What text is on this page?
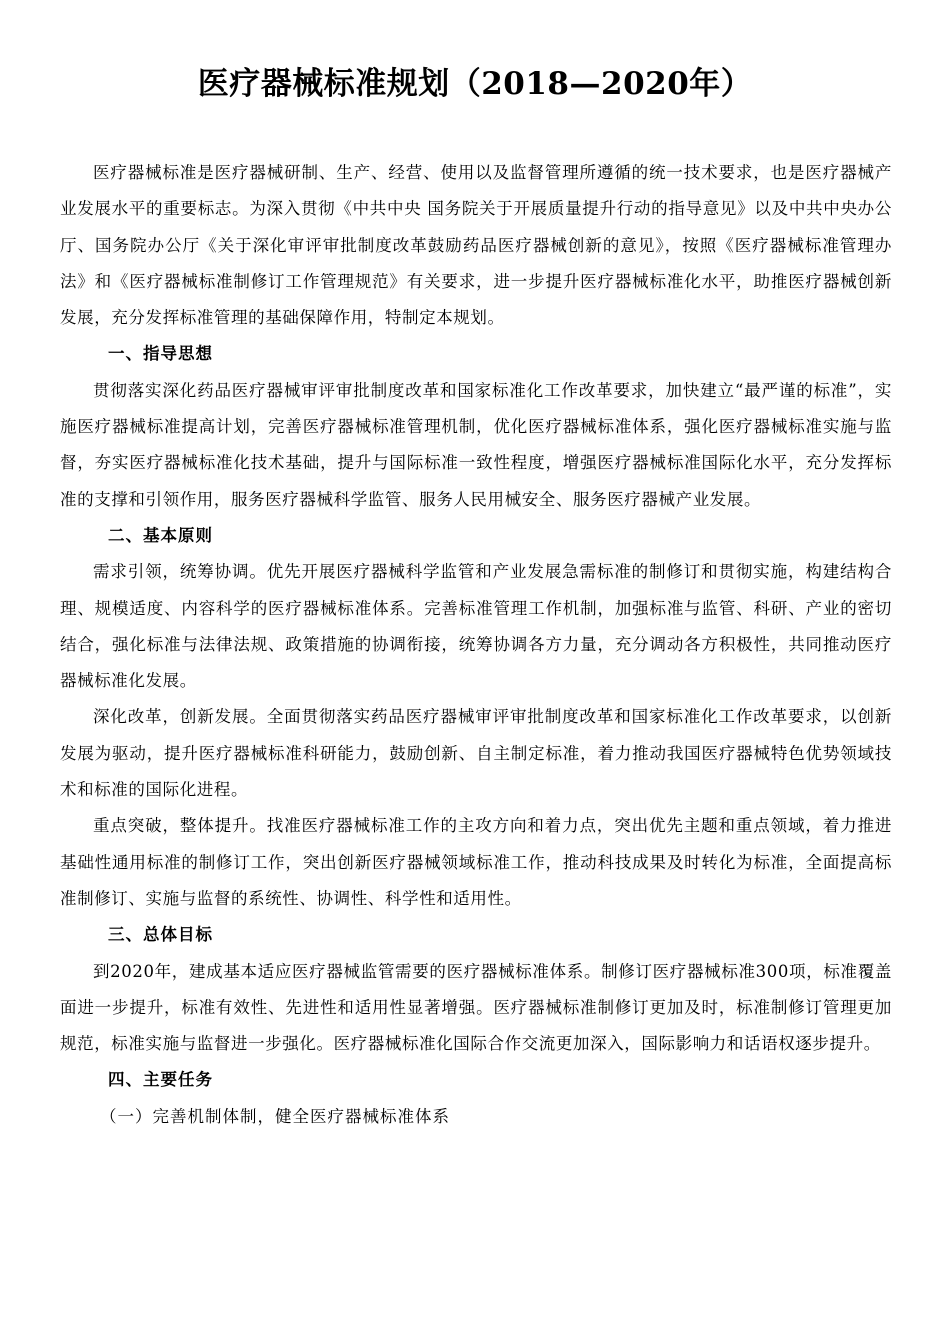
医疗器械标准规划（2018—2020年）

医疗器械标准是医疗器械研制、生产、经营、使用以及监督管理所遵循的统一技术要求，也是医疗器械产业发展水平的重要标志。为深入贯彻《中共中央 国务院关于开展质量提升行动的指导意见》以及中共中央办公厅、国务院办公厅《关于深化审评审批制度改革鼓励药品医疗器械创新的意见》，按照《医疗器械标准管理办法》和《医疗器械标准制修订工作管理规范》有关要求，进一步提升医疗器械标准化水平，助推医疗器械创新发展，充分发挥标准管理的基础保障作用，特制定本规划。

一、指导思想

贯彻落实深化药品医疗器械审评审批制度改革和国家标准化工作改革要求，加快建立“最严谨的标准”，实施医疗器械标准提高计划，完善医疗器械标准管理机制，优化医疗器械标准体系，强化医疗器械标准实施与监督，夯实医疗器械标准化技术基础，提升与国际标准一致性程度，增强医疗器械标准国际化水平，充分发挥标准的支撑和引领作用，服务医疗器械科学监管、服务人民用械安全、服务医疗器械产业发展。

二、基本原则

需求引领，统筹协调。优先开展医疗器械科学监管和产业发展急需标准的制修订和贯彻实施，构建结构合理、规模适度、内容科学的医疗器械标准体系。完善标准管理工作机制，加强标准与监管、科研、产业的密切结合，强化标准与法律法规、政策措施的协调衔接，统筹协调各方力量，充分调动各方积极性，共同推动医疗器械标准化发展。

深化改革，创新发展。全面贯彻落实药品医疗器械审评审批制度改革和国家标准化工作改革要求，以创新发展为驱动，提升医疗器械标准科研能力，鼓励创新、自主制定标准，着力推动我国医疗器械特色优势领域技术和标准的国际化进程。

重点突破，整体提升。找准医疗器械标准工作的主攻方向和着力点，突出优先主题和重点领域，着力推进基础性通用标准的制修订工作，突出创新医疗器械领域标准工作，推动科技成果及时转化为标准，全面提高标准制修订、实施与监督的系统性、协调性、科学性和适用性。

三、总体目标

到2020年，建成基本适应医疗器械监管需要的医疗器械标准体系。制修订医疗器械标准300项，标准覆盖面进一步提升，标准有效性、先进性和适用性显著增强。医疗器械标准制修订更加及时，标准制修订管理更加规范，标准实施与监督进一步强化。医疗器械标准化国际合作交流更加深入，国际影响力和话语权逐步提升。

四、主要任务

（一）完善机制体制，健全医疗器械标准体系
